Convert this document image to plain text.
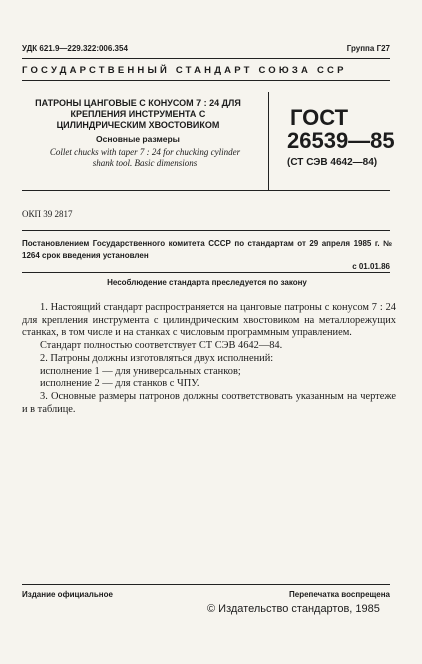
УДК 621.9—229.322:006.354	Группа Г27
ГОСУДАРСТВЕННЫЙ СТАНДАРТ СОЮЗА ССР
ПАТРОНЫ ЦАНГОВЫЕ С КОНУСОМ 7 : 24 ДЛЯ КРЕПЛЕНИЯ ИНСТРУМЕНТА С ЦИЛИНДРИЧЕСКИМ ХВОСТОВИКОМ
Основные размеры
Collet chucks with taper 7 : 24 for chucking cylinder shank tool. Basic dimensions
ГОСТ
26539—85
(СТ СЭВ 4642—84)
ОКП 39 2817
Постановлением Государственного комитета СССР по стандартам от 29 апреля 1985 г. № 1264 срок введения установлен
с 01.01.86
Несоблюдение стандарта преследуется по закону

1. Настоящий стандарт распространяется на цанговые патроны с конусом 7 : 24 для крепления инструмента с цилиндрическим хвостовиком на металлорежущих станках, в том числе и на станках с числовым программным управлением.

Стандарт полностью соответствует СТ СЭВ 4642—84.

2. Патроны должны изготовляться двух исполнений:

исполнение 1 — для универсальных станков;

исполнение 2 — для станков с ЧПУ.

3. Основные размеры патронов должны соответствовать указанным на чертеже и в таблице.

Издание официальное	Перепечатка воспрещена
© Издательство стандартов, 1985
